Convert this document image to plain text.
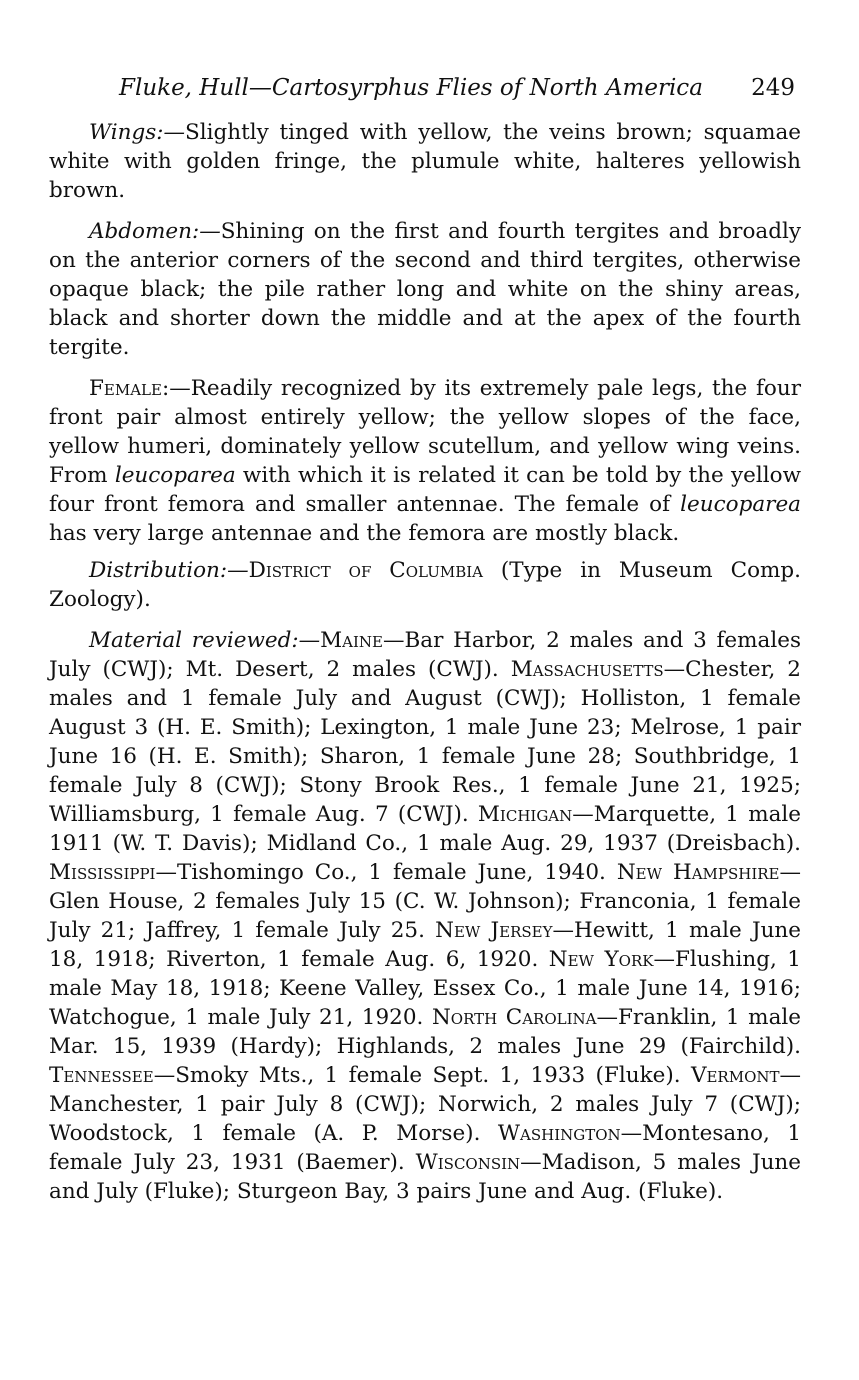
Fluke, Hull—Cartosyrphus Flies of North America 249

Wings:—Slightly tinged with yellow, the veins brown; squamae white with golden fringe, the plumule white, halteres yellowish brown.

Abdomen:—Shining on the first and fourth tergites and broadly on the anterior corners of the second and third tergites, otherwise opaque black; the pile rather long and white on the shiny areas, black and shorter down the middle and at the apex of the fourth tergite.

Female:—Readily recognized by its extremely pale legs, the four front pair almost entirely yellow; the yellow slopes of the face, yellow humeri, dominately yellow scutellum, and yellow wing veins. From leucoparea with which it is related it can be told by the yellow four front femora and smaller antennae. The female of leucoparea has very large antennae and the femora are mostly black.

Distribution:—District of Columbia (Type in Museum Comp. Zoology).

Material reviewed:—Maine—Bar Harbor, 2 males and 3 females July (CWJ); Mt. Desert, 2 males (CWJ). Massachusetts—Chester, 2 males and 1 female July and August (CWJ); Holliston, 1 female August 3 (H. E. Smith); Lexington, 1 male June 23; Melrose, 1 pair June 16 (H. E. Smith); Sharon, 1 female June 28; Southbridge, 1 female July 8 (CWJ); Stony Brook Res., 1 female June 21, 1925; Williamsburg, 1 female Aug. 7 (CWJ). Michigan—Marquette, 1 male 1911 (W. T. Davis); Midland Co., 1 male Aug. 29, 1937 (Dreisbach). Mississippi—Tishomingo Co., 1 female June, 1940. New Hampshire—Glen House, 2 females July 15 (C. W. Johnson); Franconia, 1 female July 21; Jaffrey, 1 female July 25. New Jersey—Hewitt, 1 male June 18, 1918; Riverton, 1 female Aug. 6, 1920. New York—Flushing, 1 male May 18, 1918; Keene Valley, Essex Co., 1 male June 14, 1916; Watchogue, 1 male July 21, 1920. North Carolina—Franklin, 1 male Mar. 15, 1939 (Hardy); Highlands, 2 males June 29 (Fairchild). Tennessee—Smoky Mts., 1 female Sept. 1, 1933 (Fluke). Vermont—Manchester, 1 pair July 8 (CWJ); Norwich, 2 males July 7 (CWJ); Woodstock, 1 female (A. P. Morse). Washington—Montesano, 1 female July 23, 1931 (Baemer). Wisconsin—Madison, 5 males June and July (Fluke); Sturgeon Bay, 3 pairs June and Aug. (Fluke).
